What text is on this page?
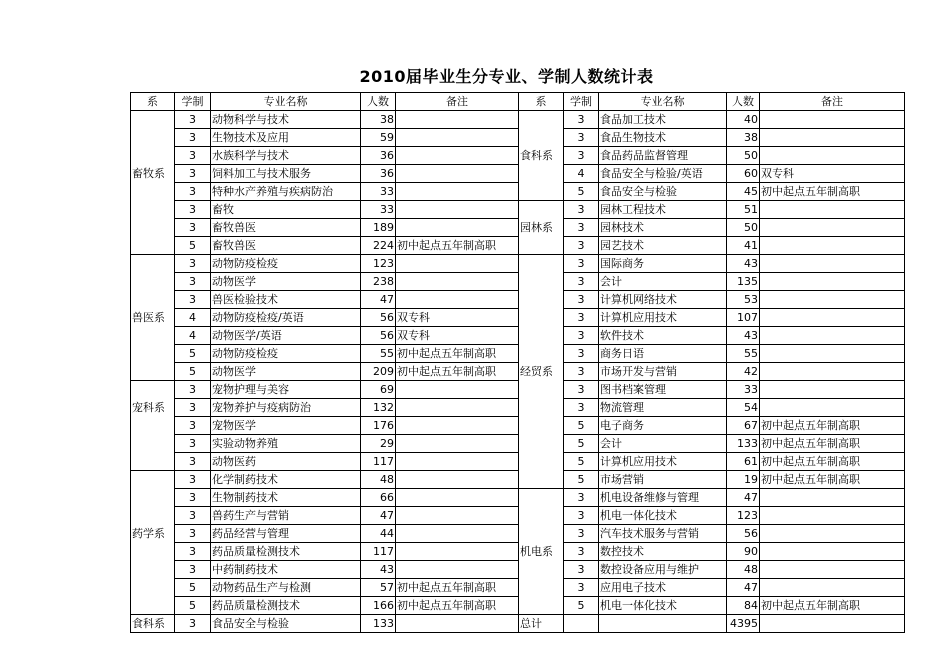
2010届毕业生分专业、学制人数统计表
系	学制	专业名称	人数	备注	系	学制	专业名称	人数	备注
	3	动物科学与技术	38			3	食品加工技术	40	
	3	生物技术及应用	59			3	食品生物技术	38	
	3	水族科学与技术	36		食科系	3	食品药品监督管理	50	
畜牧系	3	饲料加工与技术服务	36			4	食品安全与检验/英语	60	双专科
	3	特种水产养殖与疾病防治	33			5	食品安全与检验	45	初中起点五年制高职
	3	畜牧	33			3	园林工程技术	51	
	3	畜牧兽医	189		园林系	3	园林技术	50	
	5	畜牧兽医	224	初中起点五年制高职		3	园艺技术	41	
	3	动物防疫检疫	123			3	国际商务	43	
	3	动物医学	238			3	会计	135	
	3	兽医检验技术	47			3	计算机网络技术	53	
兽医系	4	动物防疫检疫/英语	56	双专科		3	计算机应用技术	107	
	4	动物医学/英语	56	双专科		3	软件技术	43	
	5	动物防疫检疫	55	初中起点五年制高职		3	商务日语	55	
	5	动物医学	209	初中起点五年制高职	经贸系	3	市场开发与营销	42	
	3	宠物护理与美容	69			3	图书档案管理	33	
宠科系	3	宠物养护与疫病防治	132			3	物流管理	54	
	3	宠物医学	176			5	电子商务	67	初中起点五年制高职
	3	实验动物养殖	29			5	会计	133	初中起点五年制高职
	3	动物医药	117			5	计算机应用技术	61	初中起点五年制高职
	3	化学制药技术	48			5	市场营销	19	初中起点五年制高职
	3	生物制药技术	66			3	机电设备维修与管理	47	
	3	兽药生产与营销	47			3	机电一体化技术	123	
药学系	3	药品经营与管理	44			3	汽车技术服务与营销	56	
	3	药品质量检测技术	117		机电系	3	数控技术	90	
	3	中药制药技术	43			3	数控设备应用与维护	48	
	5	动物药品生产与检测	57	初中起点五年制高职		3	应用电子技术	47	
	5	药品质量检测技术	166	初中起点五年制高职		5	机电一体化技术	84	初中起点五年制高职
食科系	3	食品安全与检验	133		总计			4395	
